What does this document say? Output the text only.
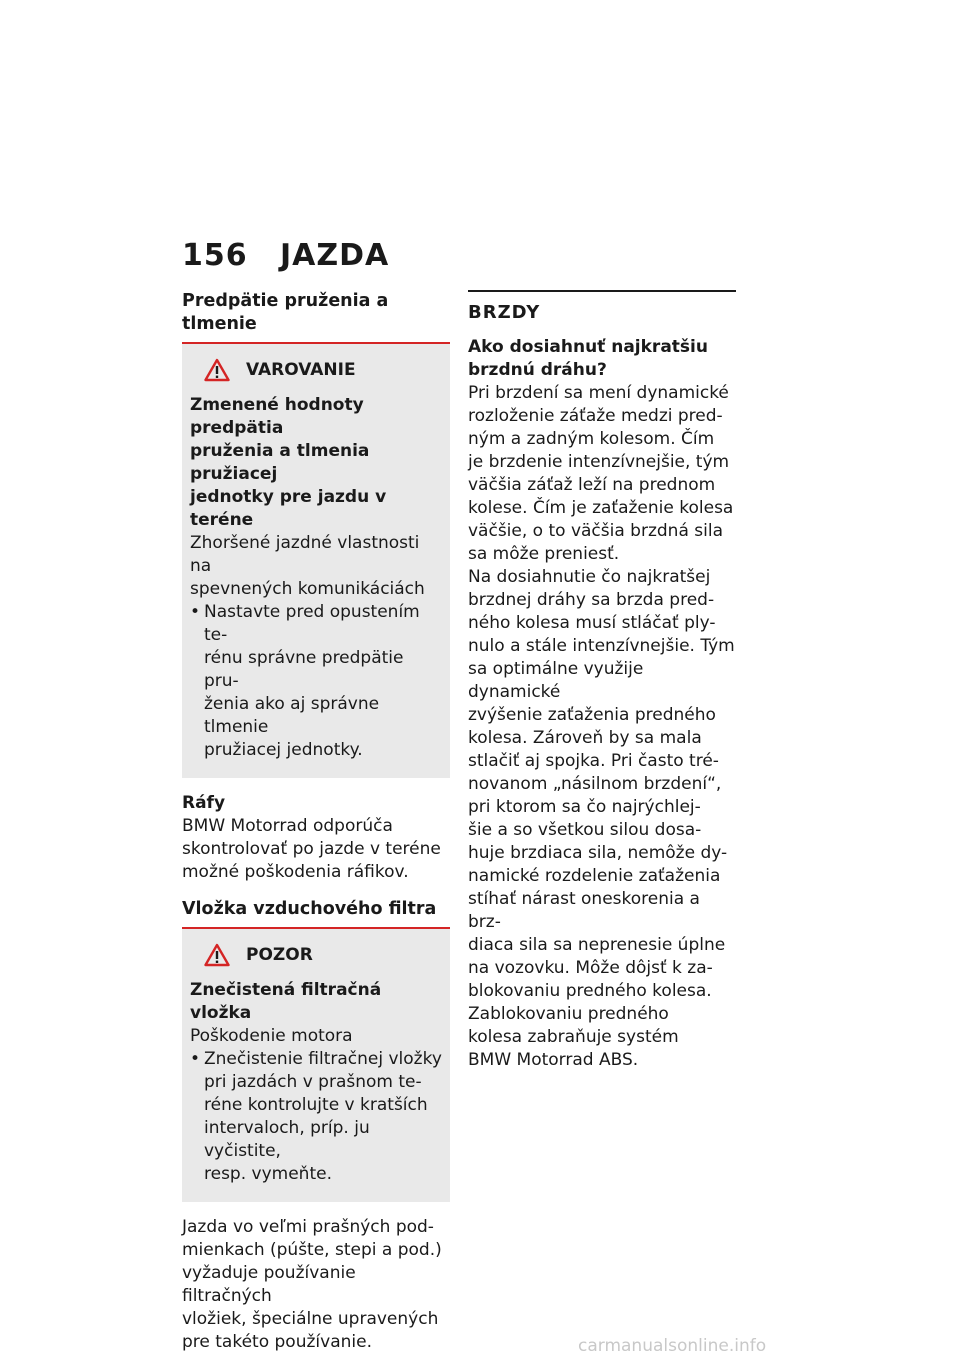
156 JAZDA
Predpätie pruženia a tlmenie
VAROVANIE
Zmenené hodnoty predpätia
pruženia a tlmenia pružiacej
jednotky pre jazdu v teréne
Zhoršené jazdné vlastnosti na
spevnených komunikáciách
• Nastavte pred opustením te-
rénu správne predpätie pru-
ženia ako aj správne tlmenie
pružiacej jednotky.
Ráfy
BMW Motorrad odporúča
skontrolovať po jazde v teréne
možné poškodenia ráfikov.
Vložka vzduchového filtra
POZOR
Znečistená filtračná vložka
Poškodenie motora
• Znečistenie filtračnej vložky
pri jazdách v prašnom te-
réne kontrolujte v kratších
intervaloch, príp. ju vyčistite,
resp. vymeňte.
Jazda vo veľmi prašných pod-
mienkach (púšte, stepi a pod.)
vyžaduje používanie filtračných
vložiek, špeciálne upravených
pre takéto používanie.
BRZDY
Ako dosiahnuť najkratšiu
brzdnú dráhu?
Pri brzdení sa mení dynamické
rozloženie záťaže medzi pred-
ným a zadným kolesom. Čím
je brzdenie intenzívnejšie, tým
väčšia záťaž leží na prednom
kolese. Čím je zaťaženie kolesa
väčšie, o to väčšia brzdná sila
sa môže preniesť.
Na dosiahnutie čo najkratšej
brzdnej dráhy sa brzda pred-
ného kolesa musí stláčať ply-
nulo a stále intenzívnejšie. Tým
sa optimálne využije dynamické
zvýšenie zaťaženia predného
kolesa. Zároveň by sa mala
stlačiť aj spojka. Pri často tré-
novanom „násilnom brzdení“,
pri ktorom sa čo najrýchlej-
šie a so všetkou silou dosa-
huje brzdiaca sila, nemôže dy-
namické rozdelenie zaťaženia
stíhať nárast oneskorenia a brz-
diaca sila sa neprenesie úplne
na vozovku. Môže dôjsť k za-
blokovaniu predného kolesa.
Zablokovaniu predného
kolesa zabraňuje systém
BMW Motorrad ABS.
carmanualsonline.info
